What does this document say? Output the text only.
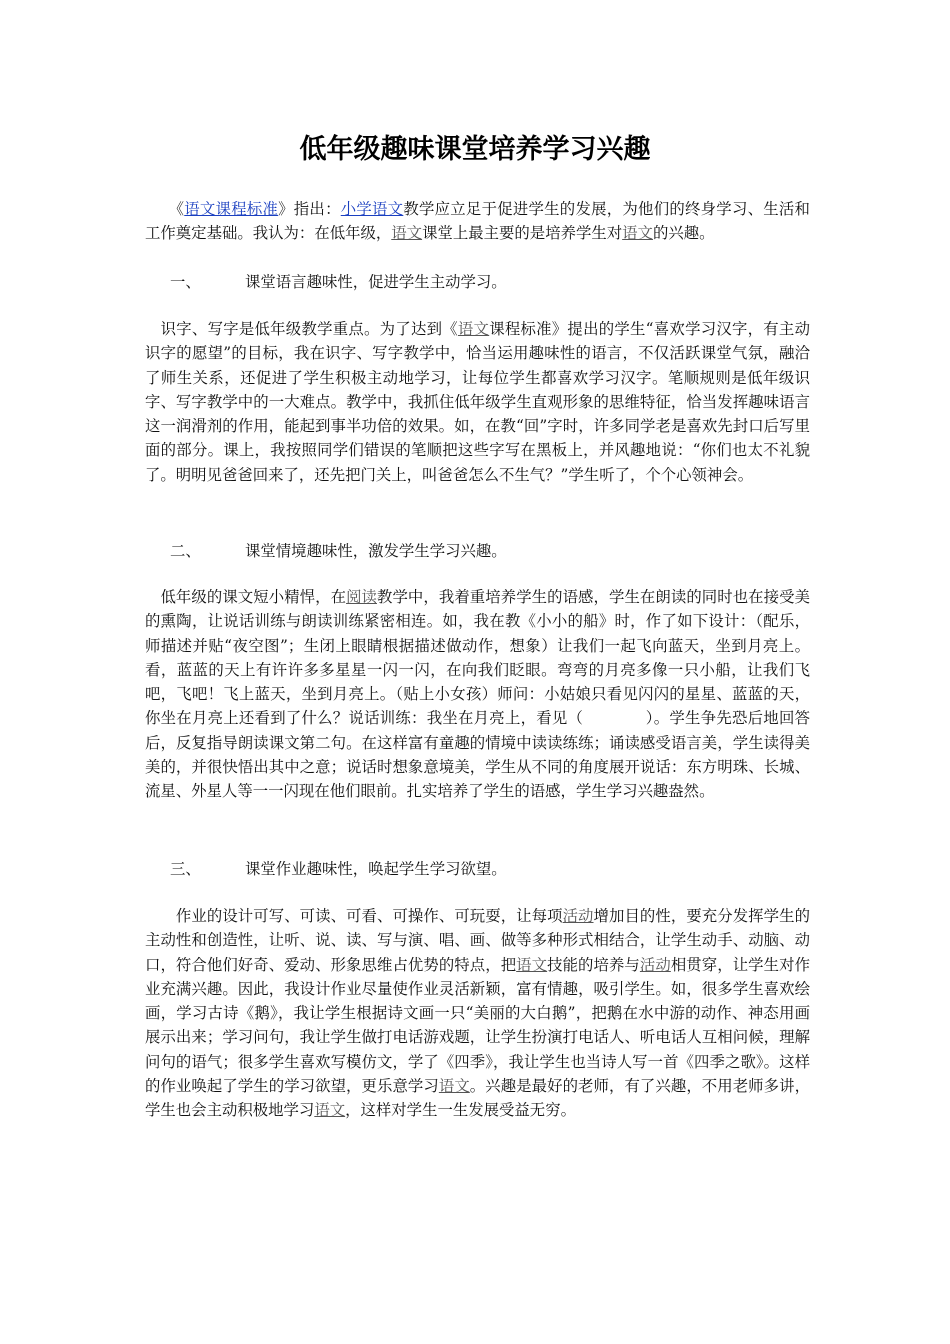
低年级趣味课堂培养学习兴趣
　　《语文课程标准》指出：小学语文教学应立足于促进学生的发展，为他们的终身学习、生活和工作奠定基础。我认为：在低年级，语文课堂上最主要的是培养学生对语文的兴趣。
一、	课堂语言趣味性，促进学生主动学习。
　识字、写字是低年级教学重点。为了达到《语文课程标准》提出的学生“喜欢学习汉字，有主动识字的愿望”的目标，我在识字、写字教学中，恰当运用趣味性的语言，不仅活跃课堂气氛，融洽了师生关系，还促进了学生积极主动地学习，让每位学生都喜欢学习汉字。笔顺规则是低年级识字、写字教学中的一大难点。教学中，我抓住低年级学生直观形象的思维特征，恰当发挥趣味语言这一润滑剂的作用，能起到事半功倍的效果。如，在教“回”字时，许多同学老是喜欢先封口后写里面的部分。课上，我按照同学们错误的笔顺把这些字写在黑板上，并风趣地说：“你们也太不礼貌了。明明见爸爸回来了，还先把门关上，叫爸爸怎么不生气？”学生听了，个个心领神会。
二、	课堂情境趣味性，激发学生学习兴趣。
　低年级的课文短小精悍，在阅读教学中，我着重培养学生的语感，学生在朗读的同时也在接受美的熏陶，让说话训练与朗读训练紧密相连。如，我在教《小小的船》时，作了如下设计：（配乐，师描述并贴“夜空图”；生闭上眼睛根据描述做动作，想象）让我们一起飞向蓝天，坐到月亮上。看，蓝蓝的天上有许许多多星星一闪一闪，在向我们眨眼。弯弯的月亮多像一只小船，让我们飞吧，飞吧！飞上蓝天，坐到月亮上。（贴上小女孩）师问：小姑娘只看见闪闪的星星、蓝蓝的天，你坐在月亮上还看到了什么？说话训练：我坐在月亮上，看见（　　　　）。学生争先恐后地回答后，反复指导朗读课文第二句。在这样富有童趣的情境中读读练练；诵读感受语言美，学生读得美美的，并很快悟出其中之意；说话时想象意境美，学生从不同的角度展开说话：东方明珠、长城、流星、外星人等一一闪现在他们眼前。扎实培养了学生的语感，学生学习兴趣盎然。
三、	课堂作业趣味性，唤起学生学习欲望。
　　作业的设计可写、可读、可看、可操作、可玩耍，让每项活动增加目的性，要充分发挥学生的主动性和创造性，让听、说、读、写与演、唱、画、做等多种形式相结合，让学生动手、动脑、动口，符合他们好奇、爱动、形象思维占优势的特点，把语文技能的培养与活动相贯穿，让学生对作业充满兴趣。因此，我设计作业尽量使作业灵活新颖，富有情趣，吸引学生。如，很多学生喜欢绘画，学习古诗《鹅》，我让学生根据诗文画一只“美丽的大白鹅”，把鹅在水中游的动作、神态用画展示出来；学习问句，我让学生做打电话游戏题，让学生扮演打电话人、听电话人互相问候，理解问句的语气；很多学生喜欢写模仿文，学了《四季》，我让学生也当诗人写一首《四季之歌》。这样的作业唤起了学生的学习欲望，更乐意学习语文。兴趣是最好的老师，有了兴趣，不用老师多讲，学生也会主动积极地学习语文，这样对学生一生发展受益无穷。
